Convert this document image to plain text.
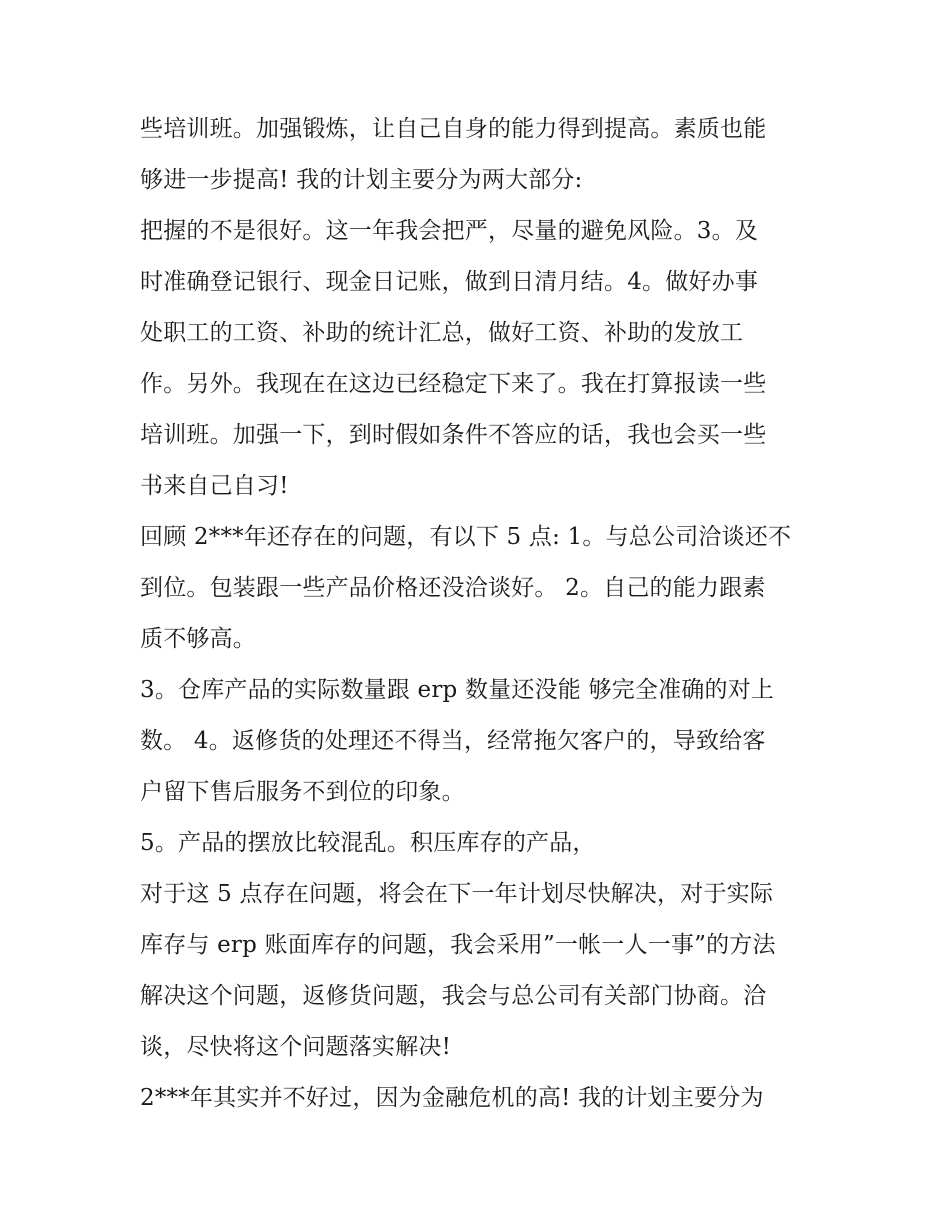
些培训班。加强锻炼，让自己自身的能力得到提高。素质也能
够进一步提高! 我的计划主要分为两大部分:

把握的不是很好。这一年我会把严，尽量的避免风险。3。及
时准确登记银行、现金日记账，做到日清月结。4。做好办事
处职工的工资、补助的统计汇总，做好工资、补助的发放工
作。另外。我现在在这边已经稳定下来了。我在打算报读一些
培训班。加强一下，到时假如条件不答应的话，我也会买一些
书来自己自习!

回顾 2***年还存在的问题，有以下 5 点: 1。与总公司洽谈还不
到位。包装跟一些产品价格还没洽谈好。 2。自己的能力跟素
质不够高。

3。仓库产品的实际数量跟 erp 数量还没能 够完全准确的对上
数。 4。返修货的处理还不得当，经常拖欠客户的，导致给客
户留下售后服务不到位的印象。

5。产品的摆放比较混乱。积压库存的产品，

对于这 5 点存在问题，将会在下一年计划尽快解决，对于实际
库存与 erp 账面库存的问题，我会采用”一帐一人一事”的方法
解决这个问题，返修货问题，我会与总公司有关部门协商。洽
谈，尽快将这个问题落实解决!

2***年其实并不好过，因为金融危机的高! 我的计划主要分为
